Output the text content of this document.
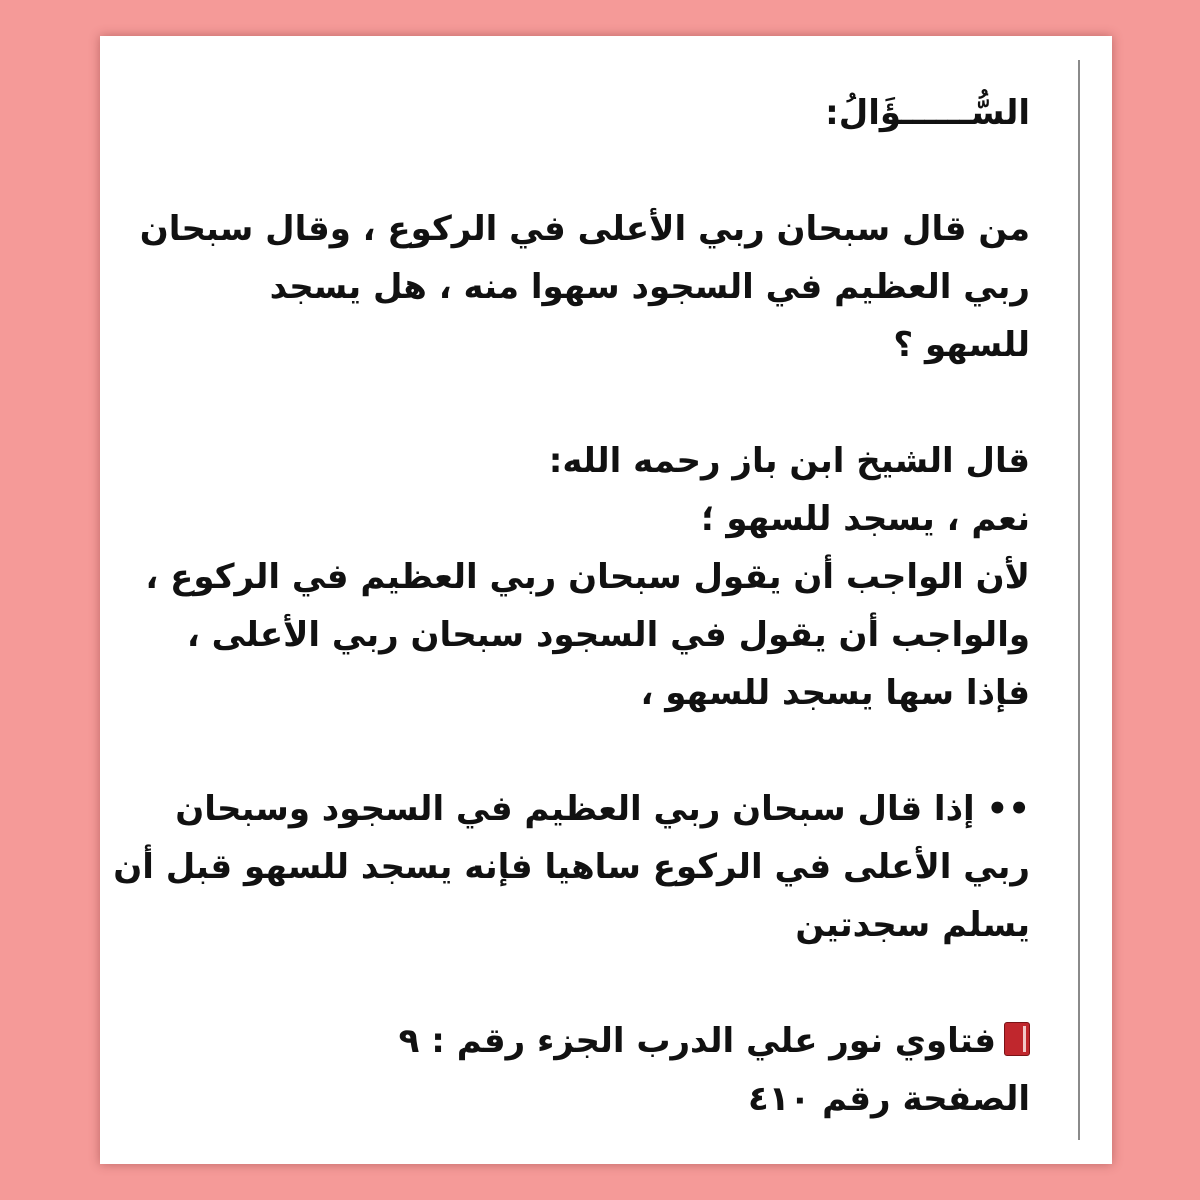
السُّــــــؤَالُ:
من قال سبحان ربي الأعلى في الركوع ، وقال سبحان
ربي العظيم في السجود سهوا منه ، هل يسجد
للسهو ؟
قال الشيخ ابن باز رحمه الله:
نعم ، يسجد للسهو ؛
لأن الواجب أن يقول سبحان ربي العظيم في الركوع ،
والواجب أن يقول في السجود سبحان ربي الأعلى ،
فإذا سها يسجد للسهو ،
•• إذا قال سبحان ربي العظيم في السجود وسبحان
ربي الأعلى في الركوع ساهيا فإنه يسجد للسهو قبل أن
يسلم سجدتين
فتاوي نور علي الدرب الجزء رقم : ٩
الصفحة رقم ٤١٠
